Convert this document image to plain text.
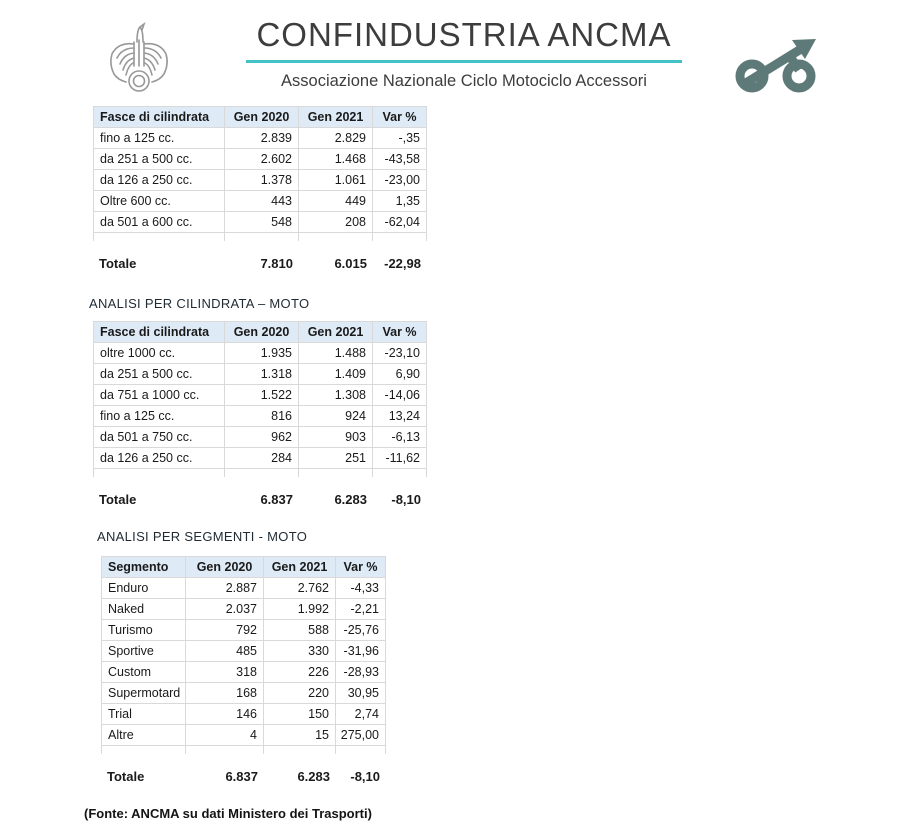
CONFINDUSTRIA ANCMA
Associazione Nazionale Ciclo Motociclo Accessori
Fasce di cilindrata	Gen 2020	Gen 2021	Var %
fino a 125 cc.	2.839	2.829	-,35
da 251 a 500 cc.	2.602	1.468	-43,58
da 126 a 250 cc.	1.378	1.061	-23,00
Oltre 600 cc.	443	449	1,35
da 501 a 600 cc.	548	208	-62,04

Totale	7.810	6.015	-22,98
ANALISI PER CILINDRATA – MOTO
Fasce di cilindrata	Gen 2020	Gen 2021	Var %
oltre 1000 cc.	1.935	1.488	-23,10
da 251 a 500 cc.	1.318	1.409	6,90
da 751 a 1000 cc.	1.522	1.308	-14,06
fino a 125 cc.	816	924	13,24
da 501 a 750 cc.	962	903	-6,13
da 126 a 250 cc.	284	251	-11,62

Totale	6.837	6.283	-8,10
ANALISI PER SEGMENTI - MOTO
Segmento	Gen 2020	Gen 2021	Var %
Enduro	2.887	2.762	-4,33
Naked	2.037	1.992	-2,21
Turismo	792	588	-25,76
Sportive	485	330	-31,96
Custom	318	226	-28,93
Supermotard	168	220	30,95
Trial	146	150	2,74
Altre	4	15	275,00

Totale	6.837	6.283	-8,10
(Fonte: ANCMA su dati Ministero dei Trasporti)
